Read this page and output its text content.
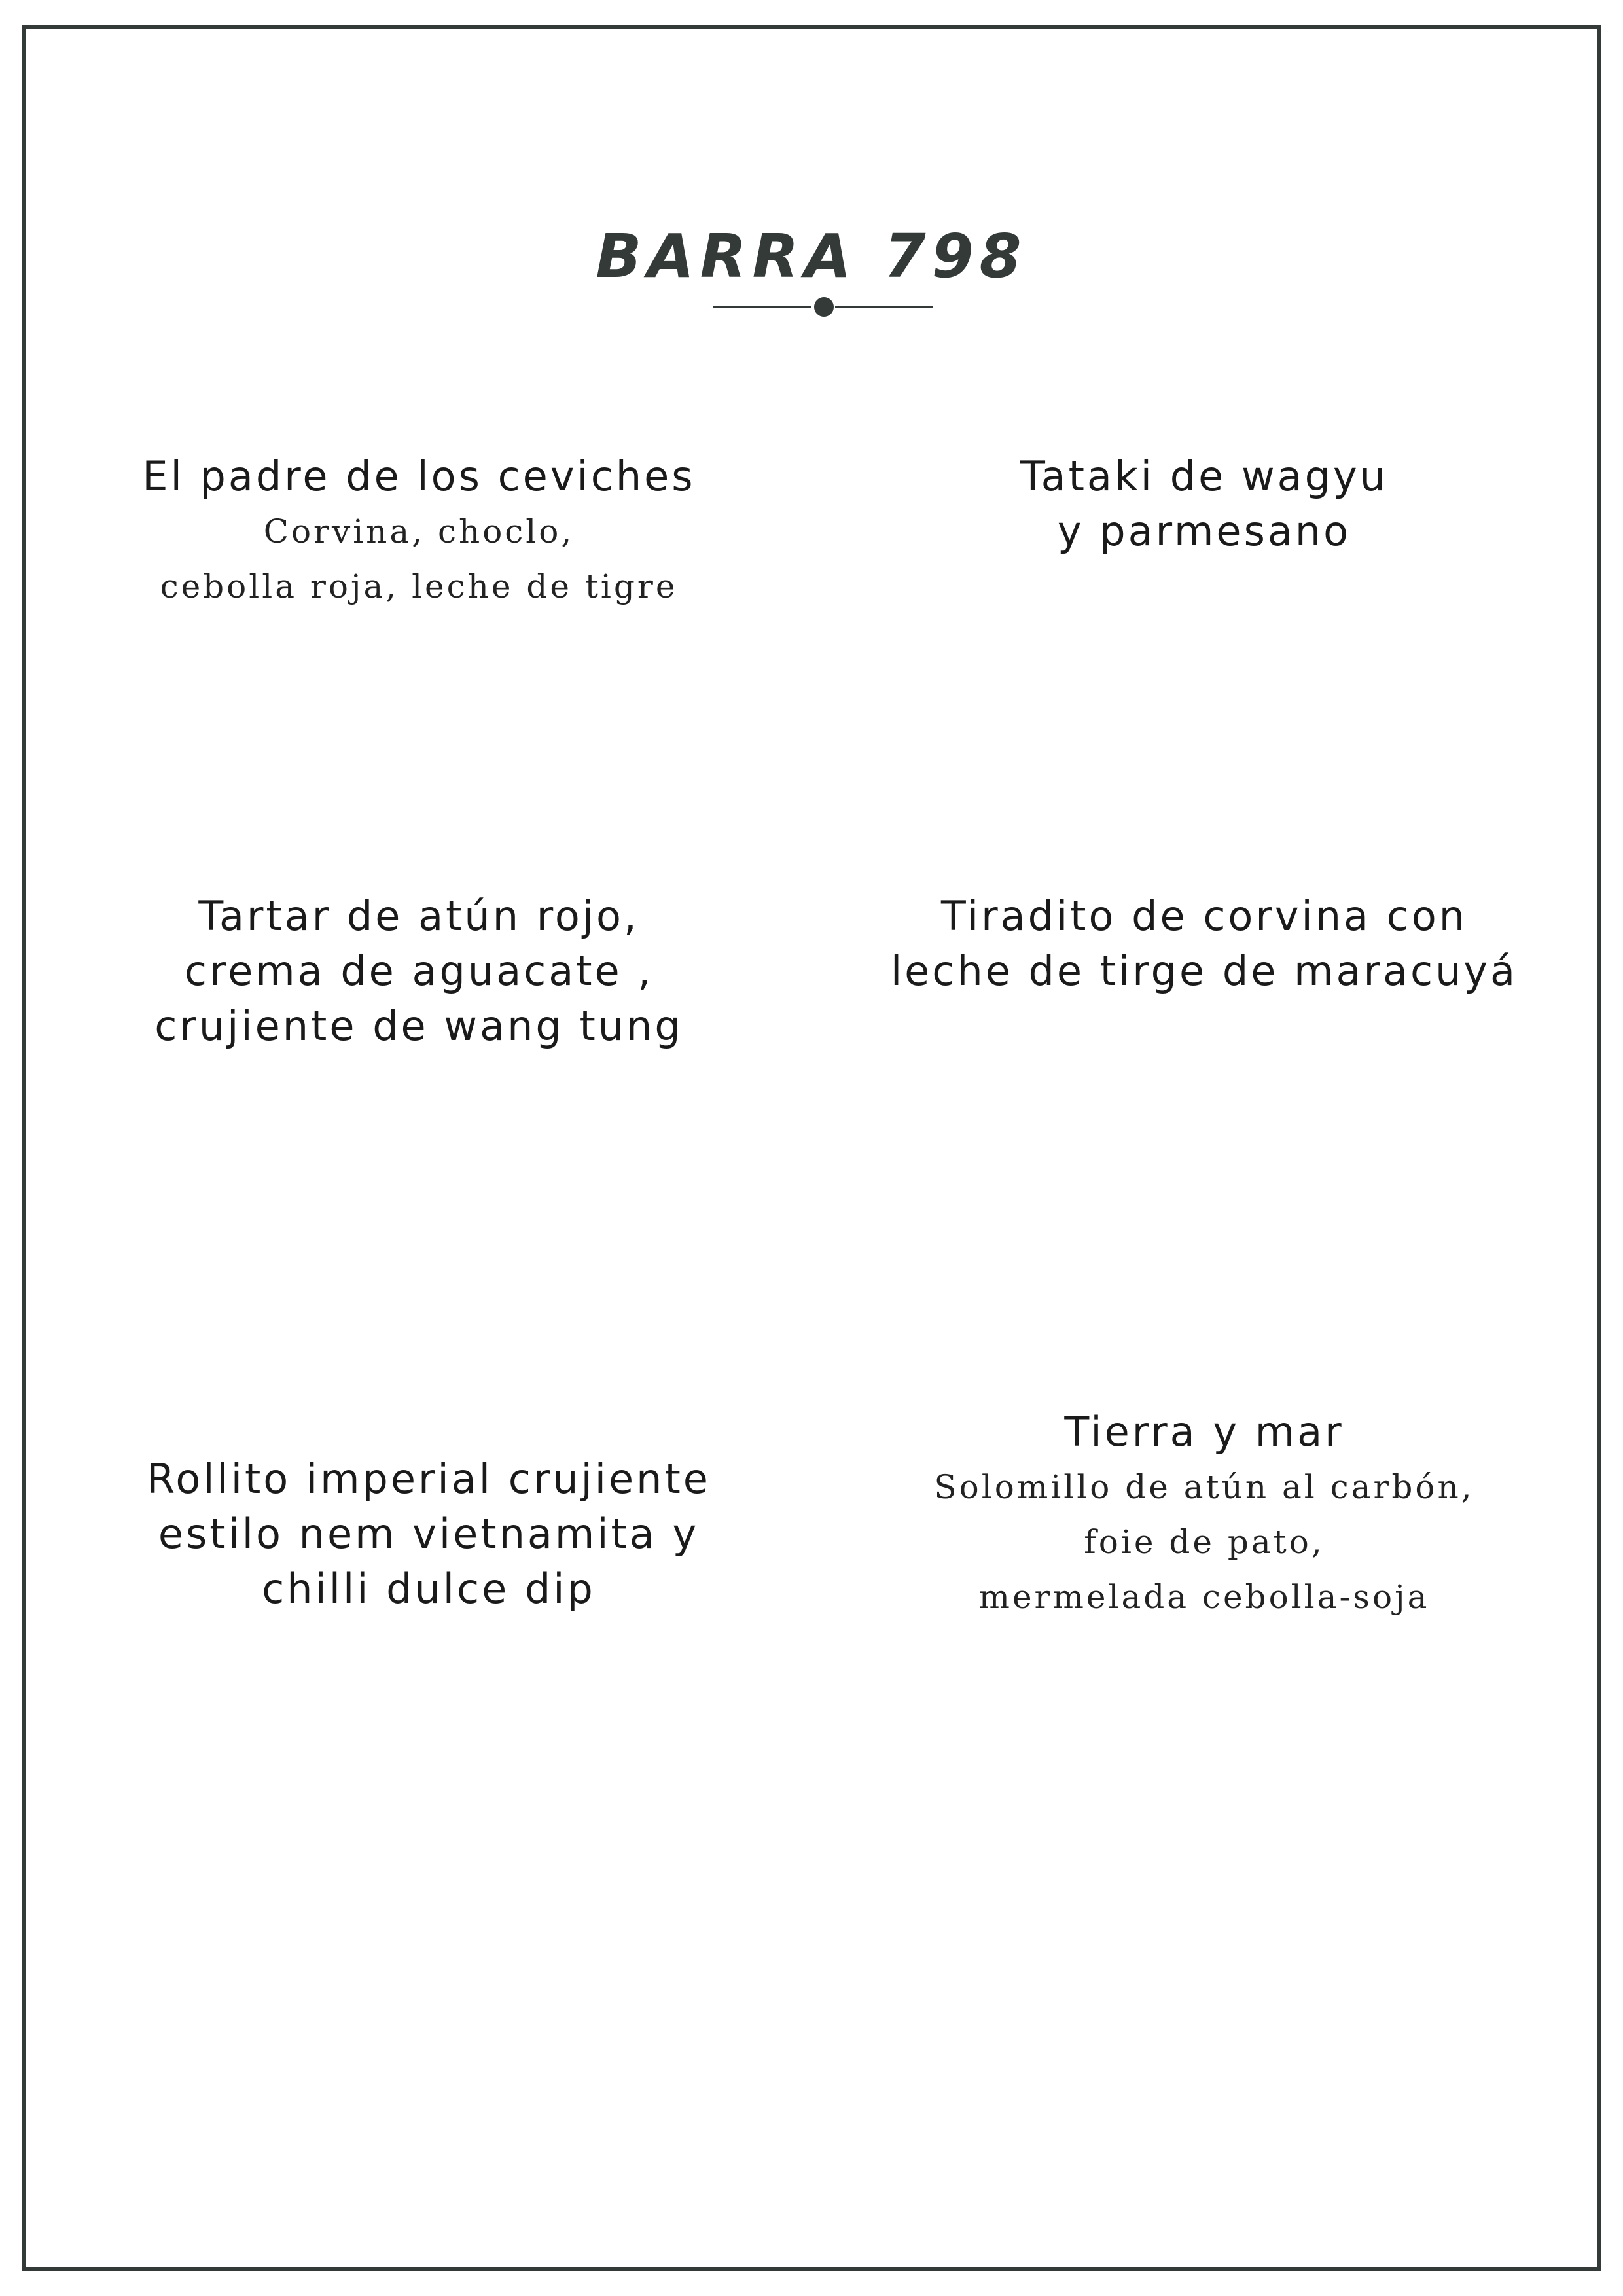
BARRA 798

El padre de los ceviches

Corvina, choclo,
cebolla roja, leche de tigre

Tataki de wagyu
y parmesano

Tartar de atún rojo,
crema de aguacate ,
crujiente de wang tung

Tiradito de corvina con
leche de tirge de maracuyá

Rollito imperial crujiente
estilo nem vietnamita y
chilli dulce dip

Tierra y mar

Solomillo de atún al carbón,
foie de pato,
mermelada cebolla-soja
